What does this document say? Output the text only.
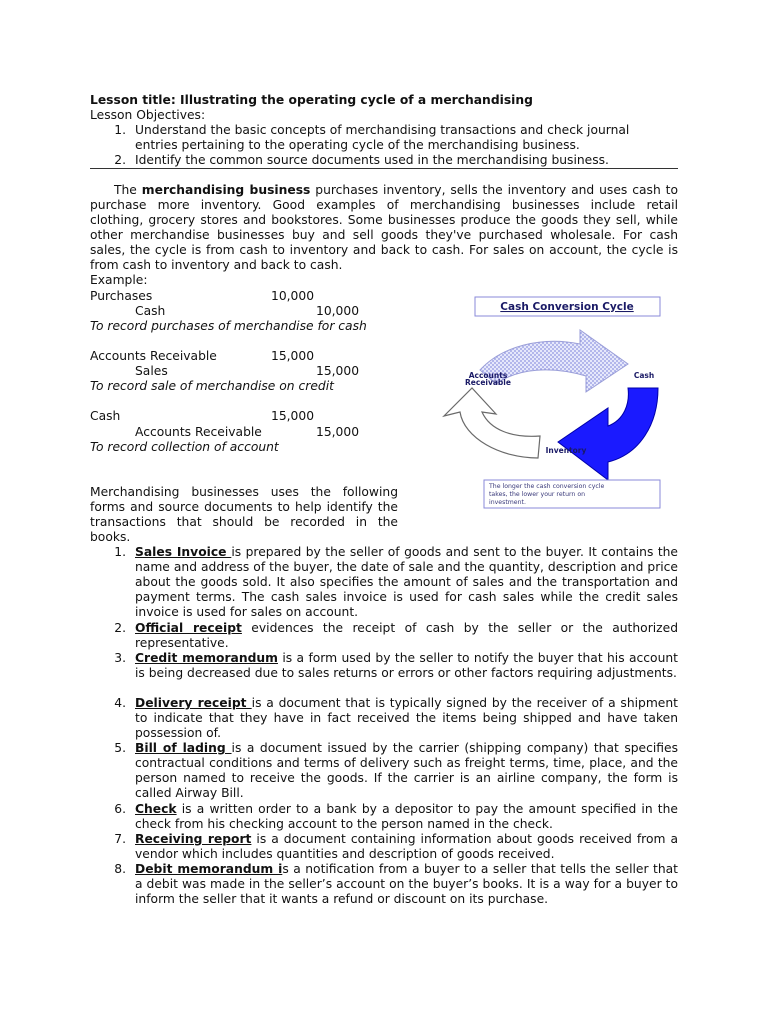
Lesson title: Illustrating the operating cycle of a merchandising
Lesson Objectives:
1. Understand the basic concepts of merchandising transactions and check journal
entries pertaining to the operating cycle of the merchandising business.
2. Identify the common source documents used in the merchandising business.
The merchandising business purchases inventory, sells the inventory and uses cash to
purchase more inventory. Good examples of merchandising businesses include retail
clothing, grocery stores and bookstores. Some businesses produce the goods they sell, while
other merchandise businesses buy and sell goods they've purchased wholesale. For cash
sales, the cycle is from cash to inventory and back to cash. For sales on account, the cycle is
from cash to inventory and back to cash.
Example:
Purchases	10,000
Cash	10,000
To record purchases of merchandise for cash
Accounts Receivable	15,000
Sales	15,000
To record sale of merchandise on credit
Cash	15,000
Accounts Receivable	15,000
To record collection of account
Cash Conversion Cycle
Accounts
Receivable
Cash
Inventory
The longer the cash conversion cycle
takes, the lower your return on
investment.
Merchandising businesses uses the following
forms and source documents to help identify the
transactions that should be recorded in the
books.
1. Sales Invoice is prepared by the seller of goods and sent to the buyer. It contains the name and address of the buyer, the date of sale and the quantity, description and price about the goods sold. It also specifies the amount of sales and the transportation and payment terms. The cash sales invoice is used for cash sales while the credit sales invoice is used for sales on account.
2. Official receipt evidences the receipt of cash by the seller or the authorized representative.
3. Credit memorandum is a form used by the seller to notify the buyer that his account is being decreased due to sales returns or errors or other factors requiring adjustments.
4. Delivery receipt is a document that is typically signed by the receiver of a shipment to indicate that they have in fact received the items being shipped and have taken possession of.
5. Bill of lading is a document issued by the carrier (shipping company) that specifies contractual conditions and terms of delivery such as freight terms, time, place, and the person named to receive the goods. If the carrier is an airline company, the form is called Airway Bill.
6. Check is a written order to a bank by a depositor to pay the amount specified in the check from his checking account to the person named in the check.
7. Receiving report is a document containing information about goods received from a vendor which includes quantities and description of goods received.
8. Debit memorandum is a notification from a buyer to a seller that tells the seller that a debit was made in the seller’s account on the buyer’s books. It is a way for a buyer to inform the seller that it wants a refund or discount on its purchase.
